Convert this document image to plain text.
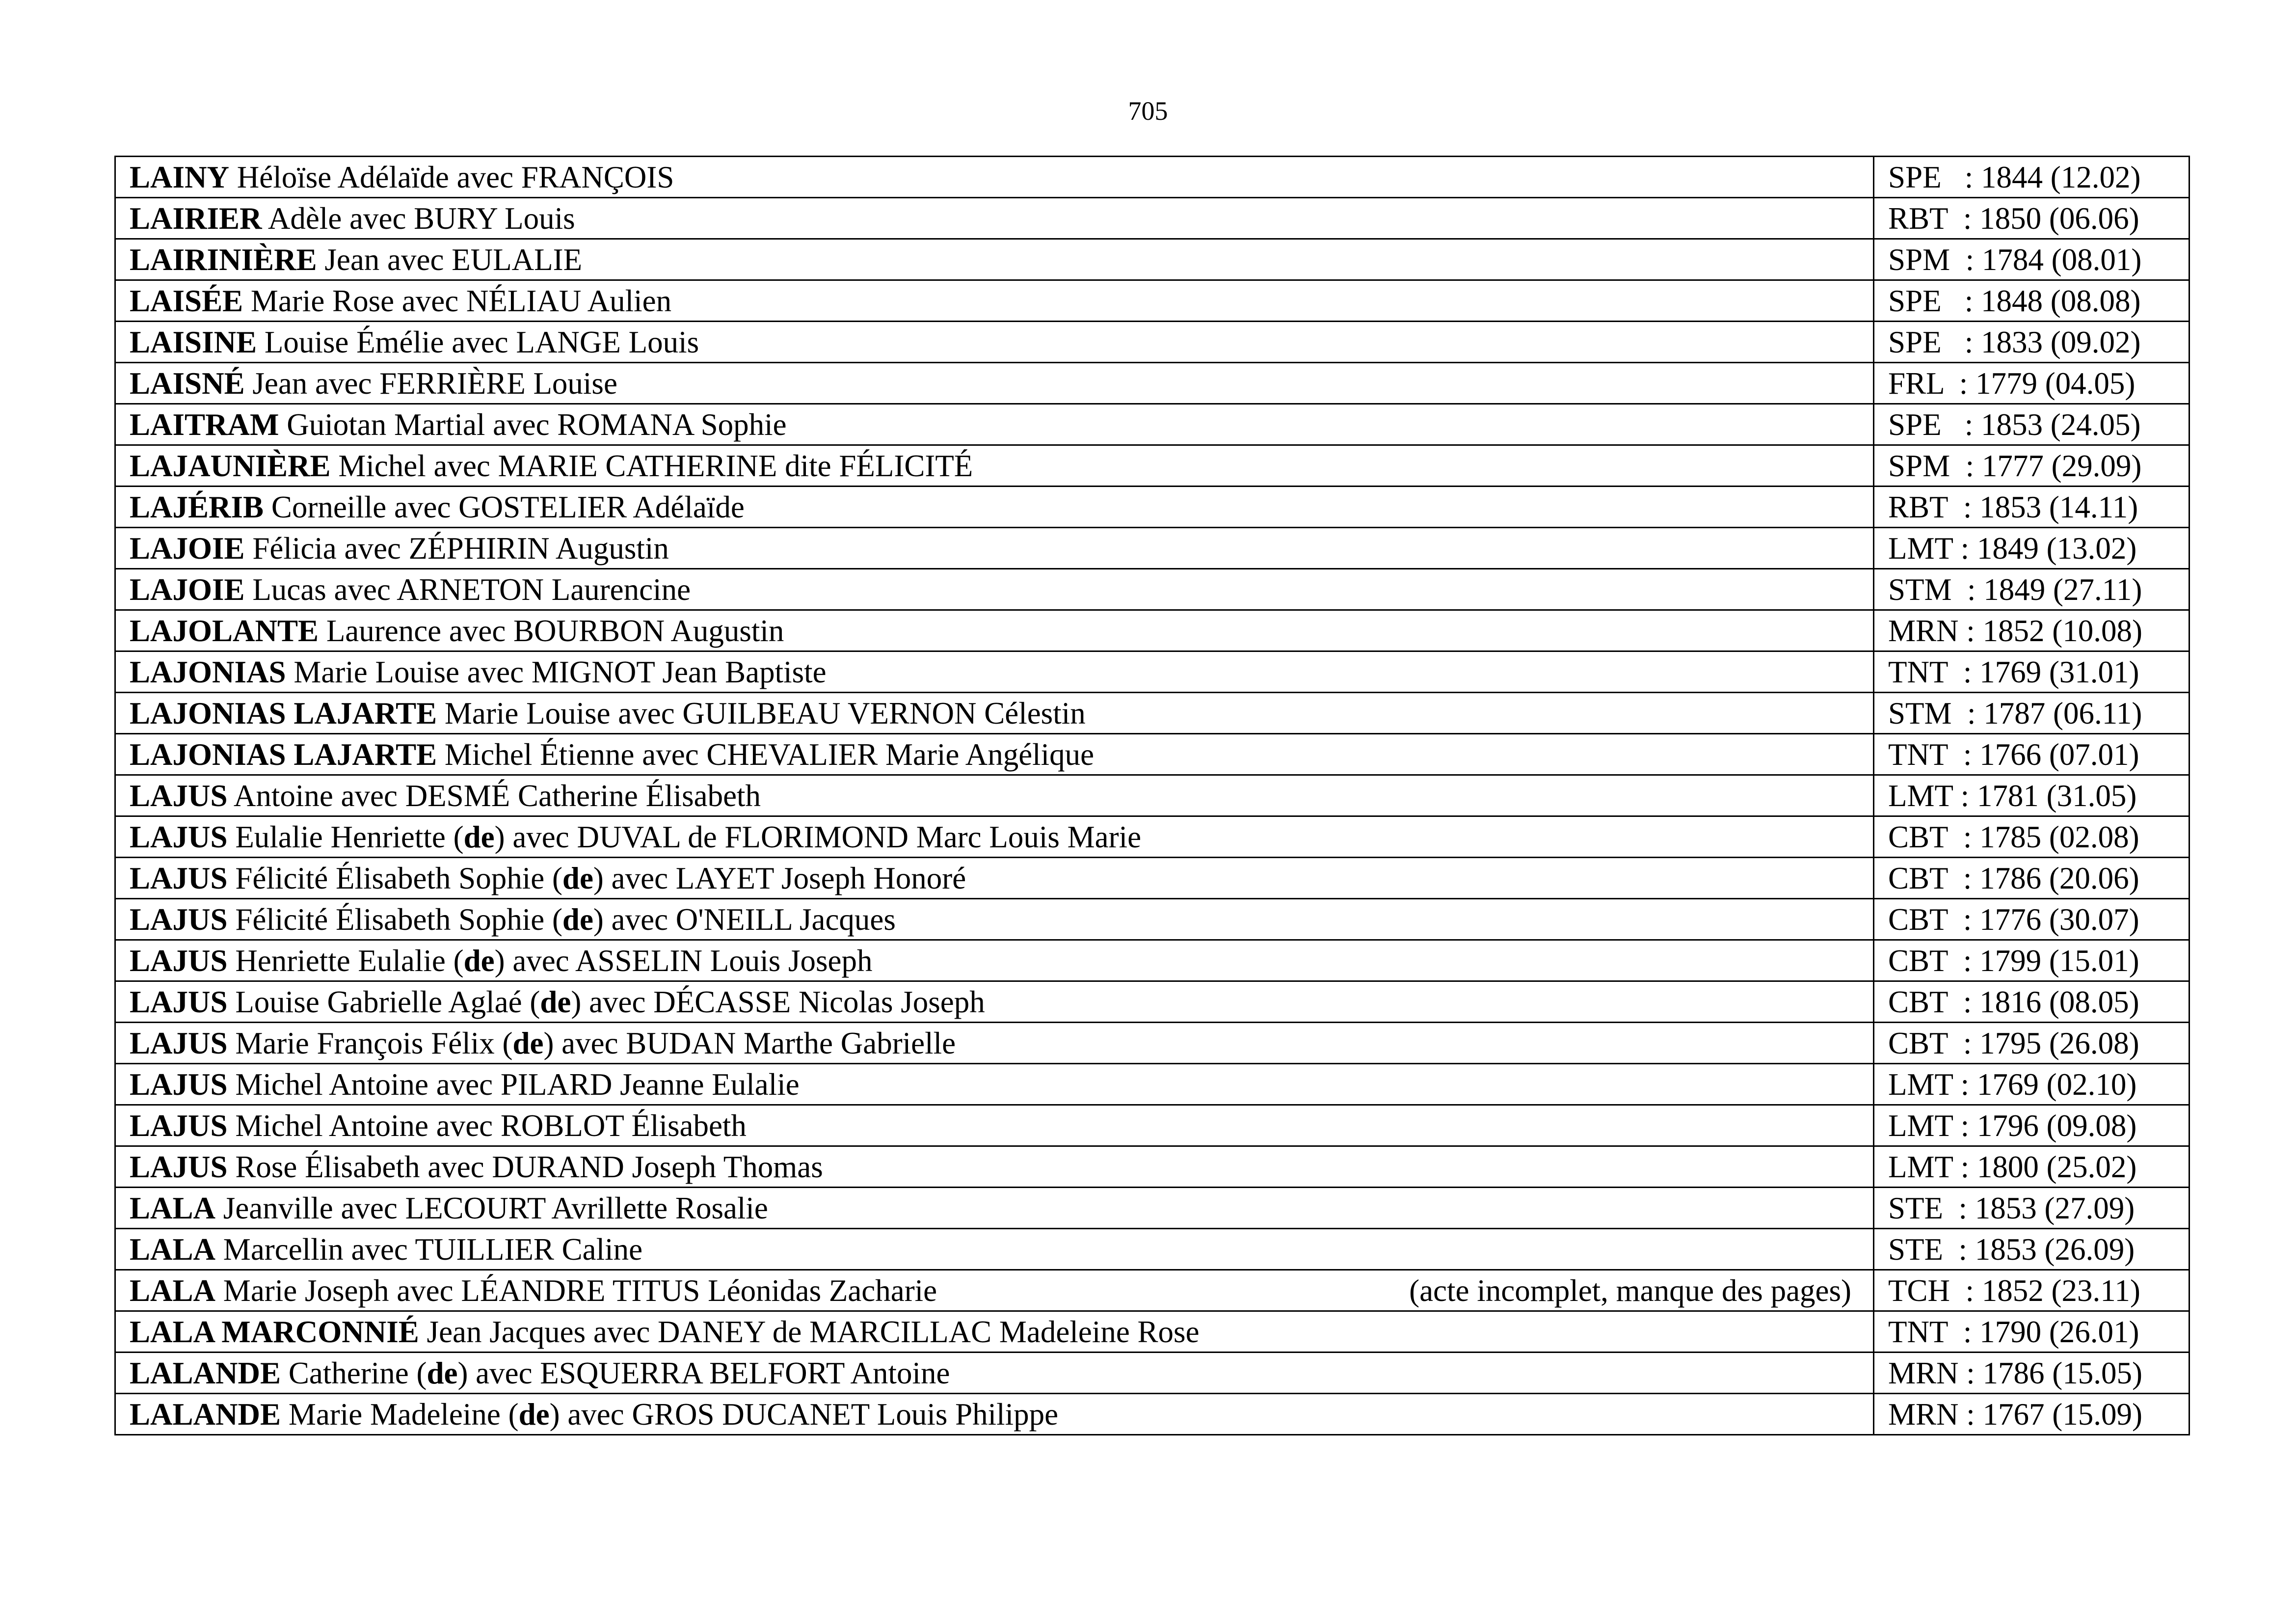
705
LAINY Héloïse Adélaïde avec FRANÇOIS	SPE   : 1844 (12.02)
LAIRIER Adèle avec BURY Louis	RBT  : 1850 (06.06)
LAIRINIÈRE Jean avec EULALIE	SPM  : 1784 (08.01)
LAISÉE Marie Rose avec NÉLIAU Aulien	SPE   : 1848 (08.08)
LAISINE Louise Émélie avec LANGE Louis	SPE   : 1833 (09.02)
LAISNÉ Jean avec FERRIÈRE Louise	FRL  : 1779 (04.05)
LAITRAM Guiotan Martial avec ROMANA Sophie	SPE   : 1853 (24.05)
LAJAUNIÈRE Michel avec MARIE CATHERINE dite FÉLICITÉ	SPM  : 1777 (29.09)
LAJÉRIB Corneille avec GOSTELIER Adélaïde	RBT  : 1853 (14.11)
LAJOIE Félicia avec ZÉPHIRIN Augustin	LMT : 1849 (13.02)
LAJOIE Lucas avec ARNETON Laurencine	STM  : 1849 (27.11)
LAJOLANTE Laurence avec BOURBON Augustin	MRN : 1852 (10.08)
LAJONIAS Marie Louise avec MIGNOT Jean Baptiste	TNT  : 1769 (31.01)
LAJONIAS LAJARTE Marie Louise avec GUILBEAU VERNON Célestin	STM  : 1787 (06.11)
LAJONIAS LAJARTE Michel Étienne avec CHEVALIER Marie Angélique	TNT  : 1766 (07.01)
LAJUS Antoine avec DESMÉ Catherine Élisabeth	LMT : 1781 (31.05)
LAJUS Eulalie Henriette (de) avec DUVAL de FLORIMOND Marc Louis Marie	CBT  : 1785 (02.08)
LAJUS Félicité Élisabeth Sophie (de) avec LAYET Joseph Honoré	CBT  : 1786 (20.06)
LAJUS Félicité Élisabeth Sophie (de) avec O'NEILL Jacques	CBT  : 1776 (30.07)
LAJUS Henriette Eulalie (de) avec ASSELIN Louis Joseph	CBT  : 1799 (15.01)
LAJUS Louise Gabrielle Aglaé (de) avec DÉCASSE Nicolas Joseph	CBT  : 1816 (08.05)
LAJUS Marie François Félix (de) avec BUDAN Marthe Gabrielle	CBT  : 1795 (26.08)
LAJUS Michel Antoine avec PILARD Jeanne Eulalie	LMT : 1769 (02.10)
LAJUS Michel Antoine avec ROBLOT Élisabeth	LMT : 1796 (09.08)
LAJUS Rose Élisabeth avec DURAND Joseph Thomas	LMT : 1800 (25.02)
LALA Jeanville avec LECOURT Avrillette Rosalie	STE  : 1853 (27.09)
LALA Marcellin avec TUILLIER Caline	STE  : 1853 (26.09)
LALA Marie Joseph avec LÉANDRE TITUS Léonidas Zacharie (acte incomplet, manque des pages)	TCH  : 1852 (23.11)
LALA MARCONNIÉ Jean Jacques avec DANEY de MARCILLAC Madeleine Rose	TNT  : 1790 (26.01)
LALANDE Catherine (de) avec ESQUERRA BELFORT Antoine	MRN : 1786 (15.05)
LALANDE Marie Madeleine (de) avec GROS DUCANET Louis Philippe	MRN : 1767 (15.09)
